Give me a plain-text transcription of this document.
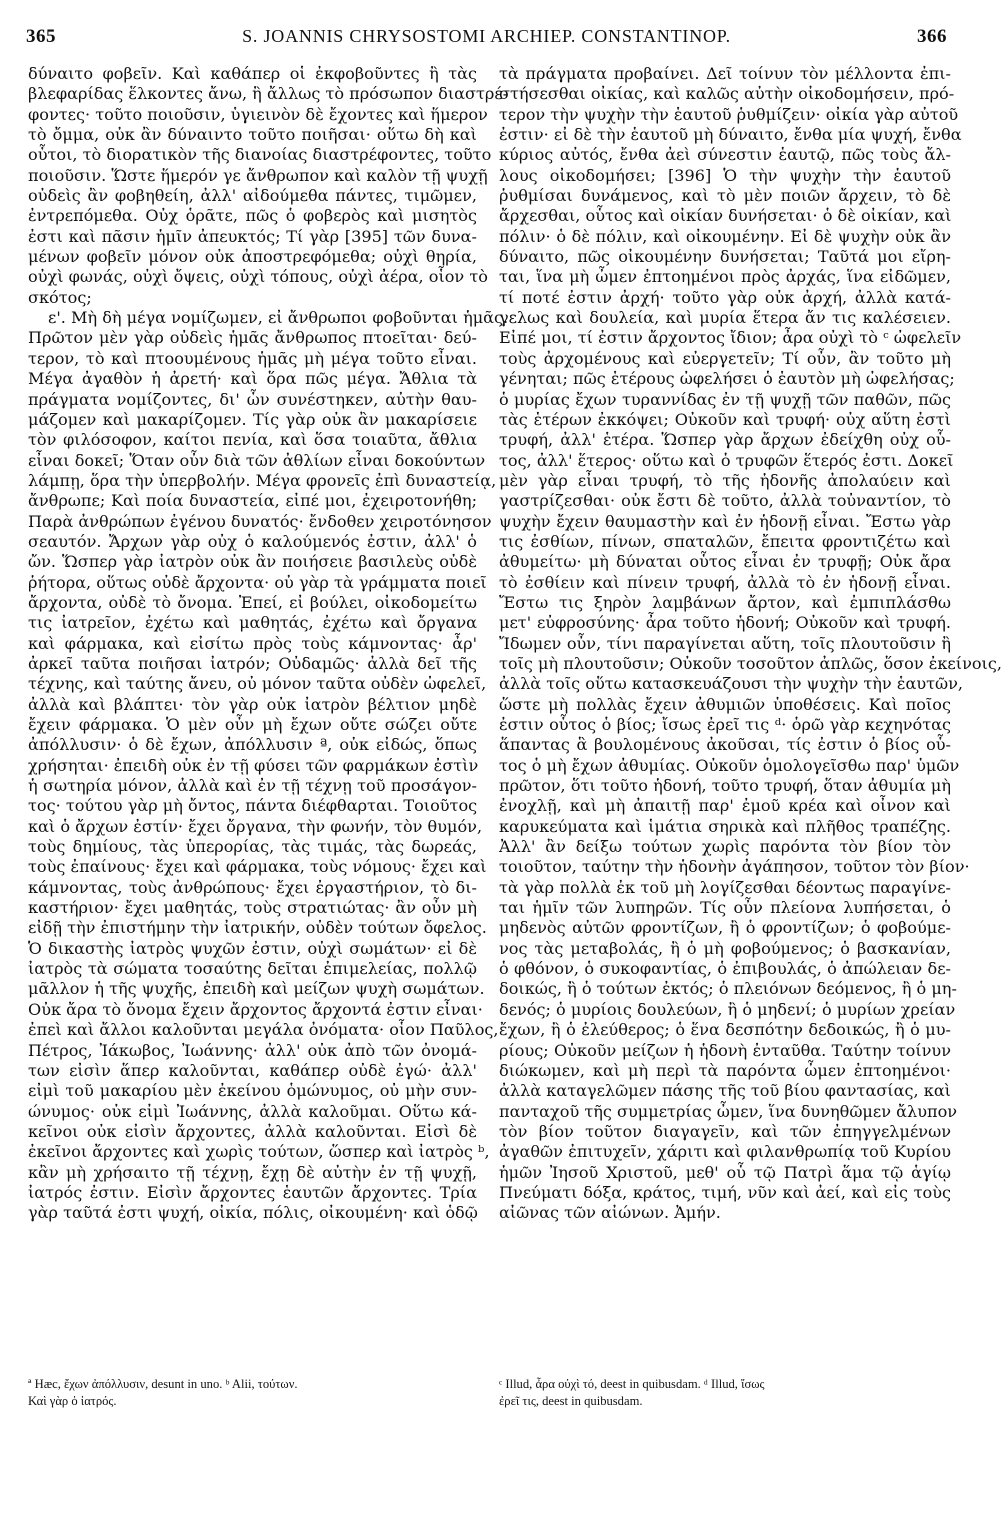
365	S. JOANNIS CHRYSOSTOMI ARCHIEP. CONSTANTINOP.	366
δύναιτο φοβεῖν. Καὶ καθάπερ οἱ ἐκφοβοῦντες ἢ τὰς
βλεφαρίδας ἕλκοντες ἄνω, ἢ ἄλλως τὸ πρόσωπον διαστρέ-
φοντες· τοῦτο ποιοῦσιν, ὑγιεινὸν δὲ ἔχοντες καὶ ἥμερον
τὸ ὄμμα, οὐκ ἂν δύναιντο τοῦτο ποιῆσαι· οὕτω δὴ καὶ
οὗτοι, τὸ διορατικὸν τῆς διανοίας διαστρέφοντες, τοῦτο
ποιοῦσιν. Ὥστε ἥμερόν γε ἄνθρωπον καὶ καλὸν τῇ ψυχῇ
οὐδεὶς ἂν φοβηθείη, ἀλλ' αἰδούμεθα πάντες, τιμῶμεν,
ἐντρεπόμεθα. Οὐχ ὁρᾶτε, πῶς ὁ φοβερὸς καὶ μισητὸς
ἐστι καὶ πᾶσιν ἡμῖν ἀπευκτός; Τί γὰρ [395] τῶν δυνα-
μένων φοβεῖν μόνον οὐκ ἀποστρεφόμεθα; οὐχὶ θηρία,
οὐχὶ φωνάς, οὐχὶ ὄψεις, οὐχὶ τόπους, οὐχὶ ἀέρα, οἷον τὸ
σκότος;
ε'. Μὴ δὴ μέγα νομίζωμεν, εἰ ἄνθρωποι φοβοῦνται ἡμᾶς.
Πρῶτον μὲν γὰρ οὐδεὶς ἡμᾶς ἄνθρωπος πτοεῖται· δεύ-
τερον, τὸ καὶ πτοουμένους ἡμᾶς μὴ μέγα τοῦτο εἶναι.
Μέγα ἀγαθὸν ἡ ἀρετή· καὶ ὅρα πῶς μέγα. Ἄθλια τὰ
πράγματα νομίζοντες, δι' ὧν συνέστηκεν, αὐτὴν θαυ-
μάζομεν καὶ μακαρίζομεν. Τίς γὰρ οὐκ ἂν μακαρίσειε
τὸν φιλόσοφον, καίτοι πενία, καὶ ὅσα τοιαῦτα, ἄθλια
εἶναι δοκεῖ; Ὅταν οὖν διὰ τῶν ἀθλίων εἶναι δοκούντων
λάμπῃ, ὅρα τὴν ὑπερβολήν. Μέγα φρονεῖς ἐπὶ δυναστείᾳ,
ἄνθρωπε; Καὶ ποία δυναστεία, εἰπέ μοι, ἐχειροτονήθη;
Παρὰ ἀνθρώπων ἐγένου δυνατός· ἔνδοθεν χειροτόνησον
σεαυτόν. Ἄρχων γὰρ οὐχ ὁ καλούμενός ἐστιν, ἀλλ' ὁ
ὤν. Ὥσπερ γὰρ ἰατρὸν οὐκ ἂν ποιήσειε βασιλεὺς οὐδὲ
ῥήτορα, οὕτως οὐδὲ ἄρχοντα· οὐ γὰρ τὰ γράμματα ποιεῖ
ἄρχοντα, οὐδὲ τὸ ὄνομα. Ἐπεί, εἰ βούλει, οἰκοδομείτω
τις ἰατρεῖον, ἐχέτω καὶ μαθητάς, ἐχέτω καὶ ὄργανα
καὶ φάρμακα, καὶ εἰσίτω πρὸς τοὺς κάμνοντας· ἆρ'
ἀρκεῖ ταῦτα ποιῆσαι ἰατρόν; Οὐδαμῶς· ἀλλὰ δεῖ τῆς
τέχνης, καὶ ταύτης ἄνευ, οὐ μόνον ταῦτα οὐδὲν ὠφελεῖ,
ἀλλὰ καὶ βλάπτει· τὸν γὰρ οὐκ ἰατρὸν βέλτιον μηδὲ
ἔχειν φάρμακα. Ὁ μὲν οὖν μὴ ἔχων οὔτε σώζει οὔτε
ἀπόλλυσιν· ὁ δὲ ἔχων, ἀπόλλυσιν ª, οὐκ εἰδώς, ὅπως
χρήσηται· ἐπειδὴ οὐκ ἐν τῇ φύσει τῶν φαρμάκων ἐστὶν
ἡ σωτηρία μόνον, ἀλλὰ καὶ ἐν τῇ τέχνῃ τοῦ προσάγον-
τος· τούτου γὰρ μὴ ὄντος, πάντα διέφθαρται. Τοιοῦτος
καὶ ὁ ἄρχων ἐστίν· ἔχει ὄργανα, τὴν φωνήν, τὸν θυμόν,
τοὺς δημίους, τὰς ὑπερορίας, τὰς τιμάς, τὰς δωρεάς,
τοὺς ἐπαίνους· ἔχει καὶ φάρμακα, τοὺς νόμους· ἔχει καὶ
κάμνοντας, τοὺς ἀνθρώπους· ἔχει ἐργαστήριον, τὸ δι-
καστήριον· ἔχει μαθητάς, τοὺς στρατιώτας· ἂν οὖν μὴ
εἰδῇ τὴν ἐπιστήμην τὴν ἰατρικήν, οὐδὲν τούτων ὄφελος.
Ὁ δικαστὴς ἰατρὸς ψυχῶν ἐστιν, οὐχὶ σωμάτων· εἰ δὲ
ἰατρὸς τὰ σώματα τοσαύτης δεῖται ἐπιμελείας, πολλῷ
μᾶλλον ἡ τῆς ψυχῆς, ἐπειδὴ καὶ μείζων ψυχὴ σωμάτων.
Οὐκ ἄρα τὸ ὄνομα ἔχειν ἄρχοντος ἄρχοντά ἐστιν εἶναι·
ἐπεὶ καὶ ἄλλοι καλοῦνται μεγάλα ὀνόματα· οἷον Παῦλος,
Πέτρος, Ἰάκωβος, Ἰωάννης· ἀλλ' οὐκ ἀπὸ τῶν ὀνομά-
των εἰσὶν ἅπερ καλοῦνται, καθάπερ οὐδὲ ἐγώ· ἀλλ'
εἰμὶ τοῦ μακαρίου μὲν ἐκείνου ὁμώνυμος, οὐ μὴν συν-
ώνυμος· οὐκ εἰμὶ Ἰωάννης, ἀλλὰ καλοῦμαι. Οὕτω κά-
κεῖνοι οὐκ εἰσὶν ἄρχοντες, ἀλλὰ καλοῦνται. Εἰσὶ δὲ
ἐκεῖνοι ἄρχοντες καὶ χωρὶς τούτων, ὥσπερ καὶ ἰατρὸς ᵇ,
κἂν μὴ χρήσαιτο τῇ τέχνῃ, ἔχῃ δὲ αὐτὴν ἐν τῇ ψυχῇ,
ἰατρός ἐστιν. Εἰσὶν ἄρχοντες ἑαυτῶν ἄρχοντες. Τρία
γὰρ ταῦτά ἐστι ψυχή, οἰκία, πόλις, οἰκουμένη· καὶ ὁδῷ
τὰ πράγματα προβαίνει. Δεῖ τοίνυν τὸν μέλλοντα ἐπι-
στήσεσθαι οἰκίας, καὶ καλῶς αὐτὴν οἰκοδομήσειν, πρό-
τερον τὴν ψυχὴν τὴν ἑαυτοῦ ῥυθμίζειν· οἰκία γὰρ αὐτοῦ
ἐστιν· εἰ δὲ τὴν ἑαυτοῦ μὴ δύναιτο, ἔνθα μία ψυχή, ἔνθα
κύριος αὐτός, ἔνθα ἀεὶ σύνεστιν ἑαυτῷ, πῶς τοὺς ἄλ-
λους οἰκοδομήσει; [396] Ὁ τὴν ψυχὴν τὴν ἑαυτοῦ
ῥυθμίσαι δυνάμενος, καὶ τὸ μὲν ποιῶν ἄρχειν, τὸ δὲ
ἄρχεσθαι, οὗτος καὶ οἰκίαν δυνήσεται· ὁ δὲ οἰκίαν, καὶ
πόλιν· ὁ δὲ πόλιν, καὶ οἰκουμένην. Εἰ δὲ ψυχὴν οὐκ ἂν
δύναιτο, πῶς οἰκουμένην δυνήσεται; Ταῦτά μοι εἴρη-
ται, ἵνα μὴ ὦμεν ἐπτοημένοι πρὸς ἀρχάς, ἵνα εἰδῶμεν,
τί ποτέ ἐστιν ἀρχή· τοῦτο γὰρ οὐκ ἀρχή, ἀλλὰ κατά-
γελως καὶ δουλεία, καὶ μυρία ἕτερα ἄν τις καλέσειεν.
Εἰπέ μοι, τί ἐστιν ἄρχοντος ἴδιον; ἆρα οὐχὶ τὸ ᶜ ὠφελεῖν
τοὺς ἀρχομένους καὶ εὐεργετεῖν; Τί οὖν, ἂν τοῦτο μὴ
γένηται; πῶς ἑτέρους ὠφελήσει ὁ ἑαυτὸν μὴ ὠφελήσας;
ὁ μυρίας ἔχων τυραννίδας ἐν τῇ ψυχῇ τῶν παθῶν, πῶς
τὰς ἑτέρων ἐκκόψει; Οὐκοῦν καὶ τρυφή· οὐχ αὕτη ἐστὶ
τρυφή, ἀλλ' ἑτέρα. Ὥσπερ γὰρ ἄρχων ἐδείχθη οὐχ οὗ-
τος, ἀλλ' ἕτερος· οὕτω καὶ ὁ τρυφῶν ἕτερός ἐστι. Δοκεῖ
μὲν γὰρ εἶναι τρυφή, τὸ τῆς ἡδονῆς ἀπολαύειν καὶ
γαστρίζεσθαι· οὐκ ἔστι δὲ τοῦτο, ἀλλὰ τοὐναντίον, τὸ
ψυχὴν ἔχειν θαυμαστὴν καὶ ἐν ἡδονῇ εἶναι. Ἔστω γὰρ
τις ἐσθίων, πίνων, σπαταλῶν, ἔπειτα φροντιζέτω καὶ
ἀθυμείτω· μὴ δύναται οὗτος εἶναι ἐν τρυφῇ; Οὐκ ἄρα
τὸ ἐσθίειν καὶ πίνειν τρυφή, ἀλλὰ τὸ ἐν ἡδονῇ εἶναι.
Ἔστω τις ξηρὸν λαμβάνων ἄρτον, καὶ ἐμπιπλάσθω
μετ' εὐφροσύνης· ἆρα τοῦτο ἡδονή; Οὐκοῦν καὶ τρυφή.
Ἴδωμεν οὖν, τίνι παραγίνεται αὕτη, τοῖς πλουτοῦσιν ἢ
τοῖς μὴ πλουτοῦσιν; Οὐκοῦν τοσοῦτον ἀπλῶς, ὅσον ἐκείνοις,
ἀλλὰ τοῖς οὕτω κατασκευάζουσι τὴν ψυχὴν τὴν ἑαυτῶν,
ὥστε μὴ πολλὰς ἔχειν ἀθυμιῶν ὑποθέσεις. Καὶ ποῖος
ἐστιν οὗτος ὁ βίος; ἴσως ἐρεῖ τις ᵈ· ὁρῶ γὰρ κεχηνότας
ἅπαντας ἃ βουλομένους ἀκοῦσαι, τίς ἐστιν ὁ βίος οὗ-
τος ὁ μὴ ἔχων ἀθυμίας. Οὐκοῦν ὁμολογεῖσθω παρ' ὑμῶν
πρῶτον, ὅτι τοῦτο ἡδονή, τοῦτο τρυφή, ὅταν ἀθυμία μὴ
ἐνοχλῇ, καὶ μὴ ἀπαιτῇ παρ' ἐμοῦ κρέα καὶ οἶνον καὶ
καρυκεύματα καὶ ἱμάτια σηρικὰ καὶ πλῆθος τραπέζης.
Ἀλλ' ἂν δείξω τούτων χωρὶς παρόντα τὸν βίον τὸν
τοιοῦτον, ταύτην τὴν ἡδονὴν ἀγάπησον, τοῦτον τὸν βίον·
τὰ γὰρ πολλὰ ἐκ τοῦ μὴ λογίζεσθαι δέοντως παραγίνε-
ται ἡμῖν τῶν λυπηρῶν. Τίς οὖν πλείονα λυπήσεται, ὁ
μηδενὸς αὐτῶν φροντίζων, ἢ ὁ φροντίζων; ὁ φοβούμε-
νος τὰς μεταβολάς, ἢ ὁ μὴ φοβούμενος; ὁ βασκανίαν,
ὁ φθόνον, ὁ συκοφαντίας, ὁ ἐπιβουλάς, ὁ ἀπώλειαν δε-
δοικώς, ἢ ὁ τούτων ἐκτός; ὁ πλειόνων δεόμενος, ἢ ὁ μη-
δενός; ὁ μυρίοις δουλεύων, ἢ ὁ μηδενί; ὁ μυρίων χρείαν
ἔχων, ἢ ὁ ἐλεύθερος; ὁ ἕνα δεσπότην δεδοικώς, ἢ ὁ μυ-
ρίους; Οὐκοῦν μείζων ἡ ἡδονὴ ἐνταῦθα. Ταύτην τοίνυν
διώκωμεν, καὶ μὴ περὶ τὰ παρόντα ὦμεν ἐπτοημένοι·
ἀλλὰ καταγελῶμεν πάσης τῆς τοῦ βίου φαντασίας, καὶ
πανταχοῦ τῆς συμμετρίας ὦμεν, ἵνα δυνηθῶμεν ἄλυπον
τὸν βίον τοῦτον διαγαγεῖν, καὶ τῶν ἐπηγγελμένων
ἀγαθῶν ἐπιτυχεῖν, χάριτι καὶ φιλανθρωπίᾳ τοῦ Κυρίου
ἡμῶν Ἰησοῦ Χριστοῦ, μεθ' οὗ τῷ Πατρὶ ἅμα τῷ ἁγίῳ
Πνεύματι δόξα, κράτος, τιμή, νῦν καὶ ἀεί, καὶ εἰς τοὺς
αἰῶνας τῶν αἰώνων. Ἀμήν.
ª Hæc, ἔχων ἀπόλλυσιν, desunt in uno. ᵇ Alii, τούτων.
Καὶ γὰρ ὁ ἰατρός.
ᶜ Illud, ἆρα οὐχὶ τό, deest in quibusdam. ᵈ Illud, ἴσως
ἐρεῖ τις, deest in quibusdam.
